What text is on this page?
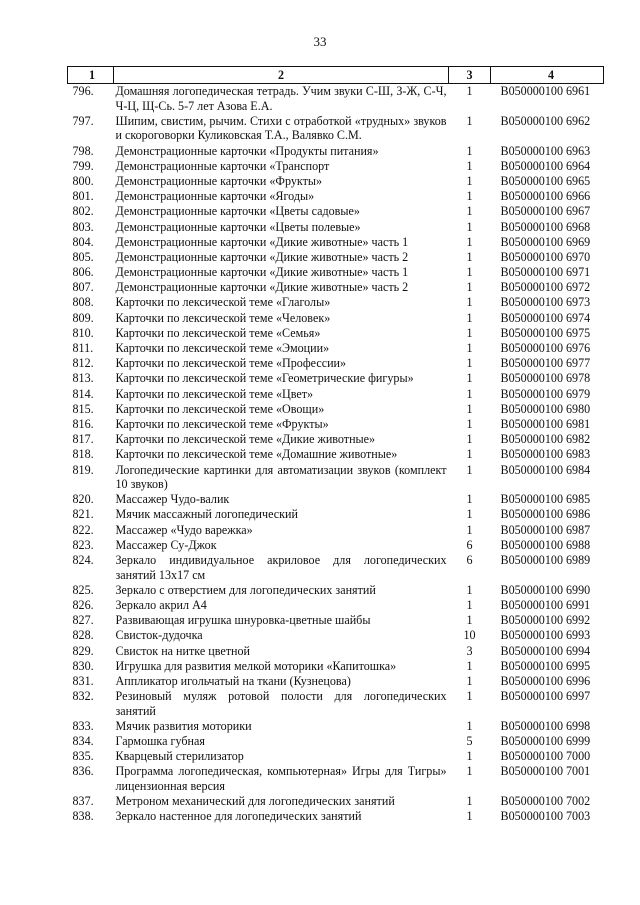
33
1	2	3	4
796.	Домашняя логопедическая тетрадь. Учим звуки С-Ш, З-Ж, С-Ч, Ч-Ц, Щ-Сь. 5-7 лет Азова Е.А.	1	B050000100 6961
797.	Шипим, свистим, рычим. Стихи с отработкой «трудных» звуков и скороговорки Куликовская Т.А., Валявко С.М.	1	B050000100 6962
798.	Демонстрационные карточки «Продукты питания»	1	B050000100 6963
799.	Демонстрационные карточки «Транспорт	1	B050000100 6964
800.	Демонстрационные карточки «Фрукты»	1	B050000100 6965
801.	Демонстрационные карточки «Ягоды»	1	B050000100 6966
802.	Демонстрационные карточки «Цветы садовые»	1	B050000100 6967
803.	Демонстрационные карточки «Цветы полевые»	1	B050000100 6968
804.	Демонстрационные карточки «Дикие животные» часть 1	1	B050000100 6969
805.	Демонстрационные карточки «Дикие животные» часть 2	1	B050000100 6970
806.	Демонстрационные карточки «Дикие животные» часть 1	1	B050000100 6971
807.	Демонстрационные карточки «Дикие животные» часть 2	1	B050000100 6972
808.	Карточки по лексической теме «Глаголы»	1	B050000100 6973
809.	Карточки по лексической теме «Человек»	1	B050000100 6974
810.	Карточки по лексической теме «Семья»	1	B050000100 6975
811.	Карточки по лексической теме «Эмоции»	1	B050000100 6976
812.	Карточки по лексической теме «Профессии»	1	B050000100 6977
813.	Карточки по лексической теме «Геометрические фигуры»	1	B050000100 6978
814.	Карточки по лексической теме «Цвет»	1	B050000100 6979
815.	Карточки по лексической теме «Овощи»	1	B050000100 6980
816.	Карточки по лексической теме «Фрукты»	1	B050000100 6981
817.	Карточки по лексической теме «Дикие животные»	1	B050000100 6982
818.	Карточки по лексической теме «Домашние животные»	1	B050000100 6983
819.	Логопедические картинки для автоматизации звуков (комплект 10 звуков)	1	B050000100 6984
820.	Массажер Чудо-валик	1	B050000100 6985
821.	Мячик массажный логопедический	1	B050000100 6986
822.	Массажер «Чудо варежка»	1	B050000100 6987
823.	Массажер Су-Джок	6	B050000100 6988
824.	Зеркало индивидуальное акриловое для логопедических занятий 13х17 см	6	B050000100 6989
825.	Зеркало с отверстием для логопедических занятий	1	B050000100 6990
826.	Зеркало акрил А4	1	B050000100 6991
827.	Развивающая игрушка шнуровка-цветные шайбы	1	B050000100 6992
828.	Свисток-дудочка	10	B050000100 6993
829.	Свисток на нитке цветной	3	B050000100 6994
830.	Игрушка для развития мелкой моторики «Капитошка»	1	B050000100 6995
831.	Аппликатор игольчатый на ткани (Кузнецова)	1	B050000100 6996
832.	Резиновый муляж ротовой полости для логопедических занятий	1	B050000100 6997
833.	Мячик развития моторики	1	B050000100 6998
834.	Гармошка губная	5	B050000100 6999
835.	Кварцевый стерилизатор	1	B050000100 7000
836.	Программа логопедическая, компьютерная» Игры для Тигры» лицензионная версия	1	B050000100 7001
837.	Метроном механический для логопедических занятий	1	B050000100 7002
838.	Зеркало настенное для логопедических занятий	1	B050000100 7003
